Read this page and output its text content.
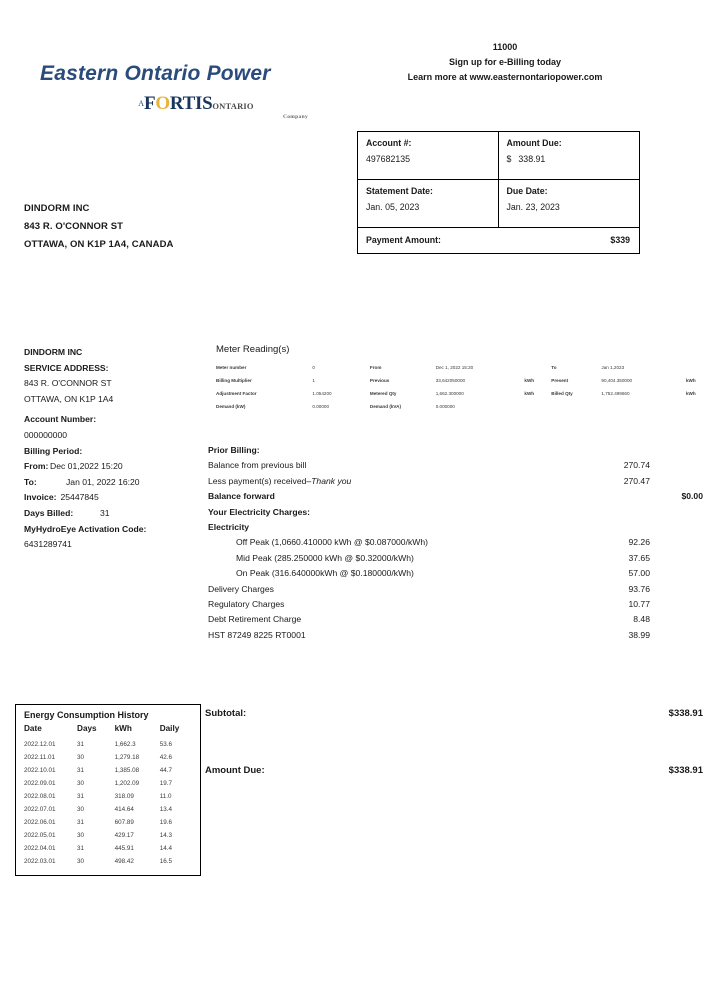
Eastern Ontario Power
AFORTISONTARIO
Company
11000
Sign up for e-Billing today
Learn more at www.easternontariopower.com
Account #:
497682135
Amount Due:
$ 338.91
Statement Date:
Jan. 05, 2023
Due Date:
Jan. 23, 2023
Payment Amount:	$339
DINDORM INC
843 R. O'CONNOR ST
OTTAWA, ON K1P 1A4, CANADA
DINDORM INC
SERVICE ADDRESS:
843 R. O'CONNOR ST
OTTAWA, ON K1P 1A4
Account Number:
000000000
Billing Period:
From: Dec 01,2022 15:20
To:	Jan 01, 2022 16:20
Invoice: 25447845
Days Billed:	31
MyHydroEye Activation Code:
6431289741
Meter Reading(s)
Meter number	0	From	Dec 1, 2022 15:20		To	Jan 1,2023	
Billing Multiplier	1	Previous	33,642050000	kWh	Present	90,404.350000	kWh
Adjustment Factor	1.054200	Metered Qty	1,662.300000	kWh	Billed Qty	1,752.499660	kWh
Demand (kW)	0.00000	Demand (kVA)	0.000000				
Prior Billing:
Balance from previous bill	270.74
Less payment(s) received–Thank you	270.47
Balance forward	$0.00
Your Electricity Charges:
Electricity
Off Peak (1,0660.410000 kWh @ $0.087000/kWh)	92.26
Mid Peak (285.250000 kWh @ $0.32000/kWh)	37.65
On Peak (316.640000kWh @ $0.180000/kWh)	57.00
Delivery Charges	93.76
Regulatory Charges	10.77
Debt Retirement Charge	8.48
HST 87249 8225 RT0001	38.99
Subtotal:	$338.91
Amount Due:	$338.91
Energy Consumption History
Date	Days	kWh	Daily
2022.12.01	31	1,662.3	53.6
2022.11.01	30	1,279.18	42.6
2022.10.01	31	1,385.08	44.7
2022.09.01	30	1,202.09	19.7
2022.08.01	31	318.09	11.0
2022.07.01	30	414.64	13.4
2022.06.01	31	607.89	19.6
2022.05.01	30	429.17	14.3
2022.04.01	31	445.91	14.4
2022.03.01	30	498.42	16.5
